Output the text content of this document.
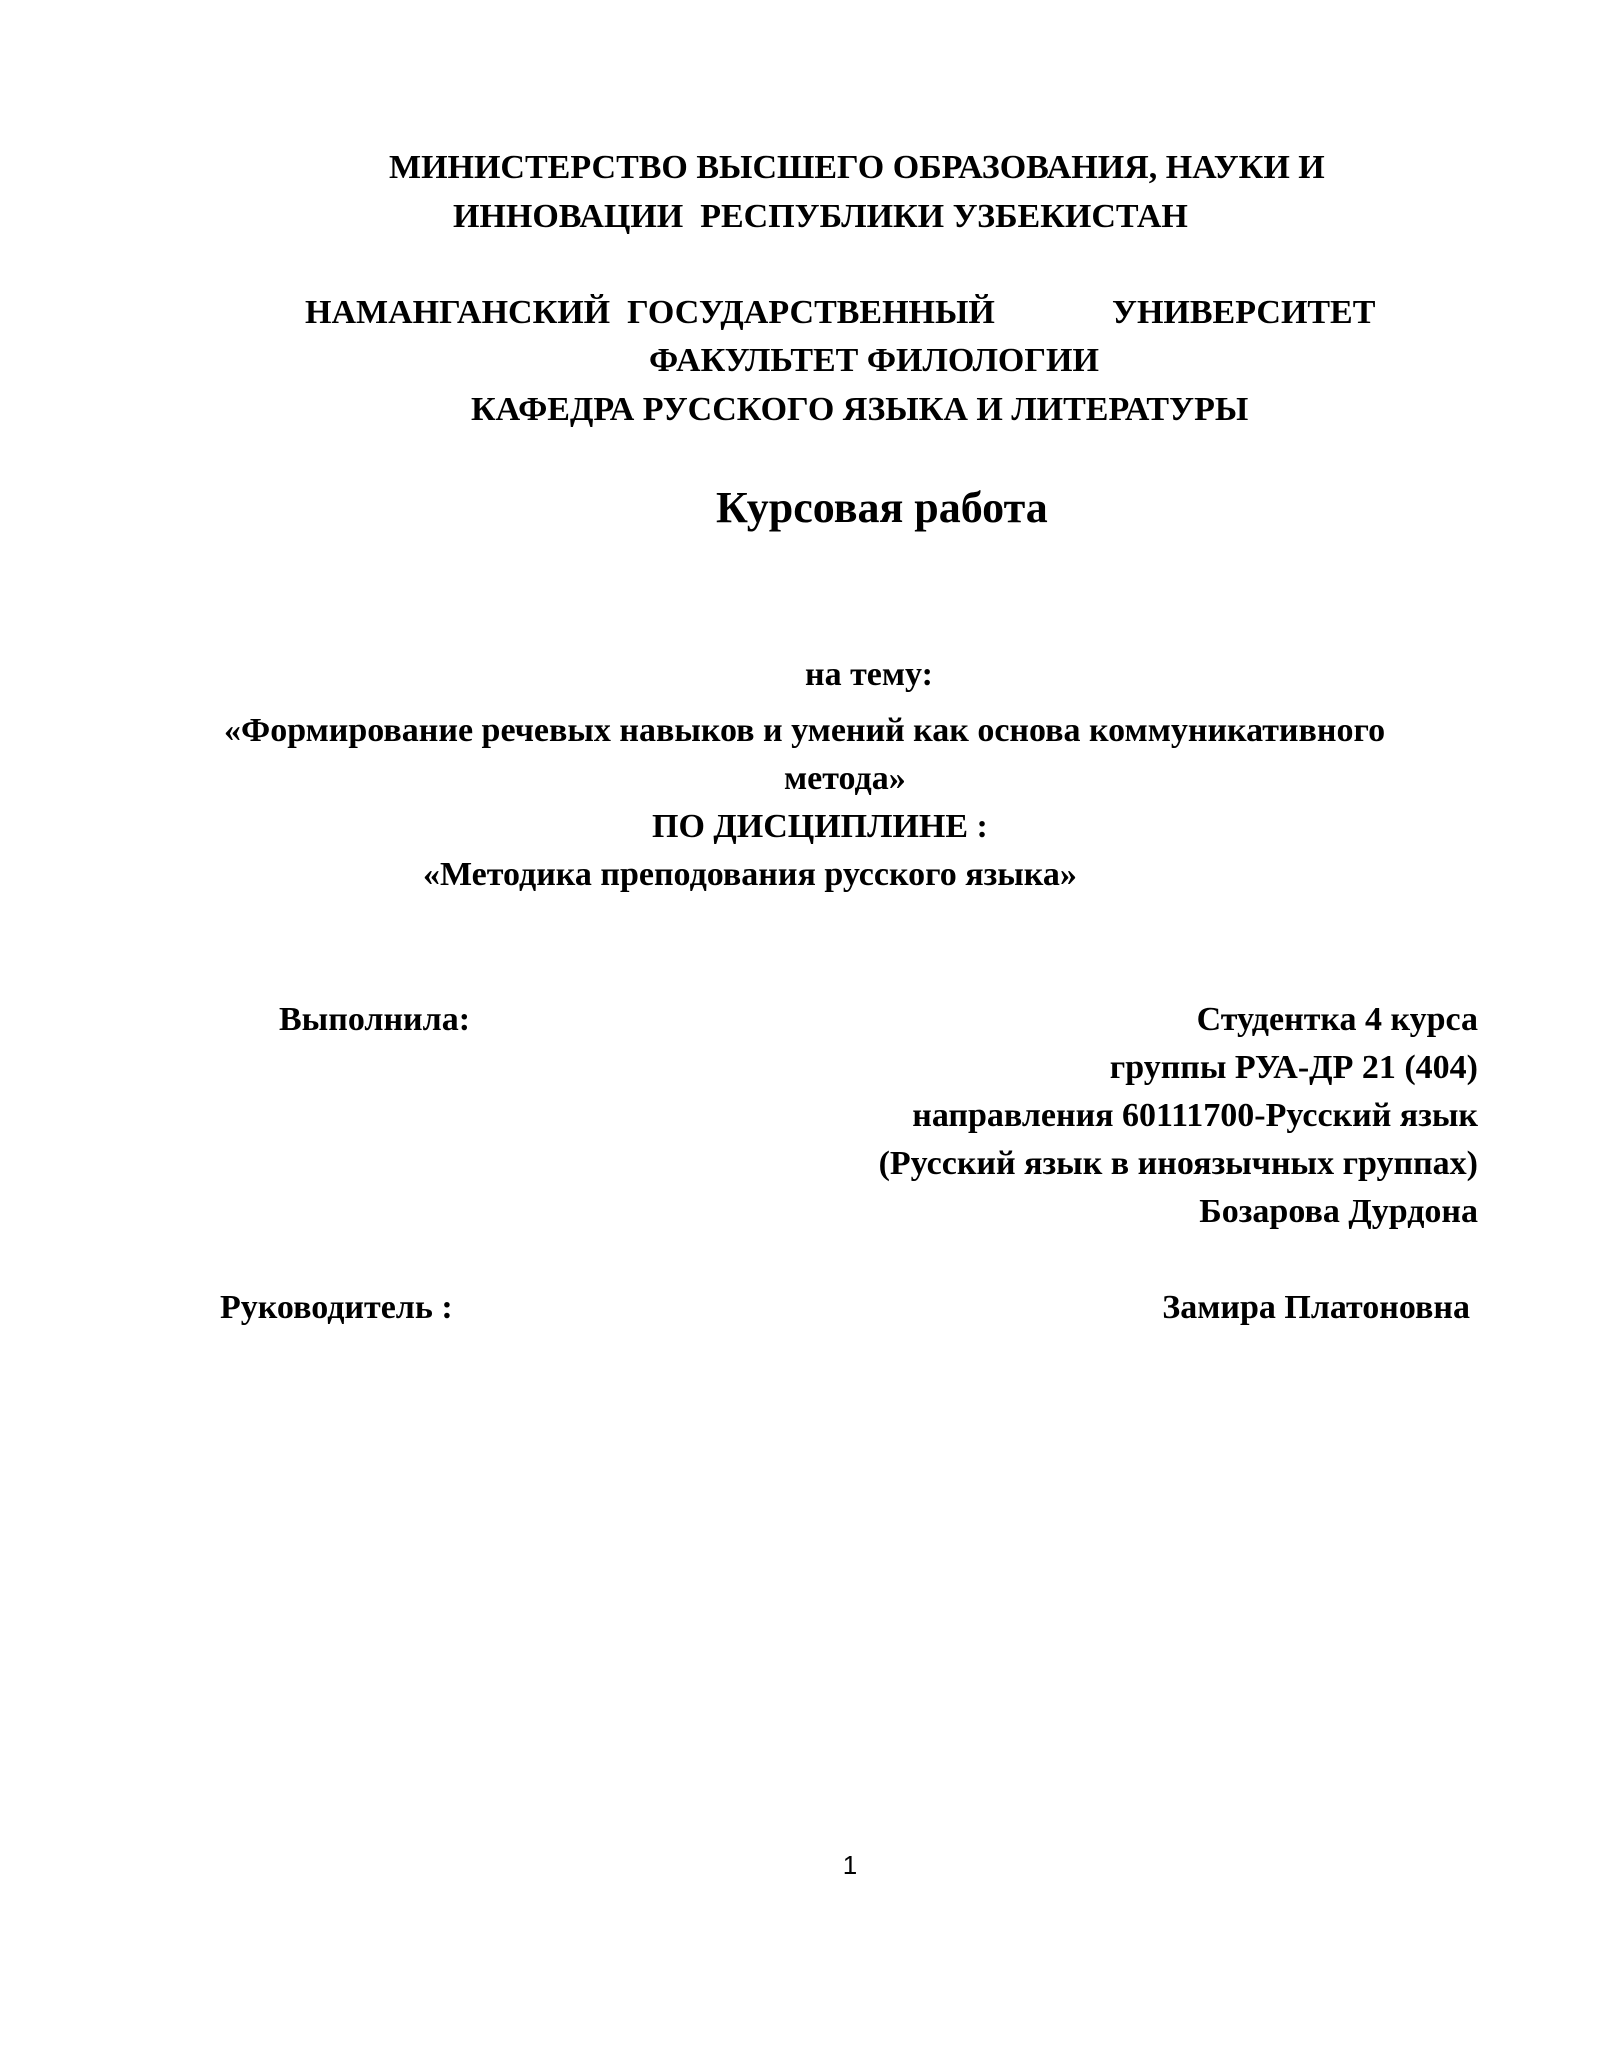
МИНИСТЕРСТВО ВЫСШЕГО ОБРАЗОВАНИЯ, НАУКИ И
ИННОВАЦИИ  РЕСПУБЛИКИ УЗБЕКИСТАН
НАМАНГАНСКИЙ  ГОСУДАРСТВЕННЫЙ	УНИВЕРСИТЕТ
ФАКУЛЬТЕТ ФИЛОЛОГИИ
КАФЕДРА РУССКОГО ЯЗЫКА И ЛИТЕРАТУРЫ
Курсовая работа
на тему:
«Формирование речевых навыков и умений как основа коммуникативного
метода»
ПО ДИСЦИПЛИНЕ :
«Методика преподования русского языка»
Выполнила:	Студентка 4 курса
группы РУА-ДР 21 (404)
направления 60111700-Русский язык
(Русский язык в иноязычных группах)
Бозарова Дурдона
Руководитель :	Замира Платоновна
1
